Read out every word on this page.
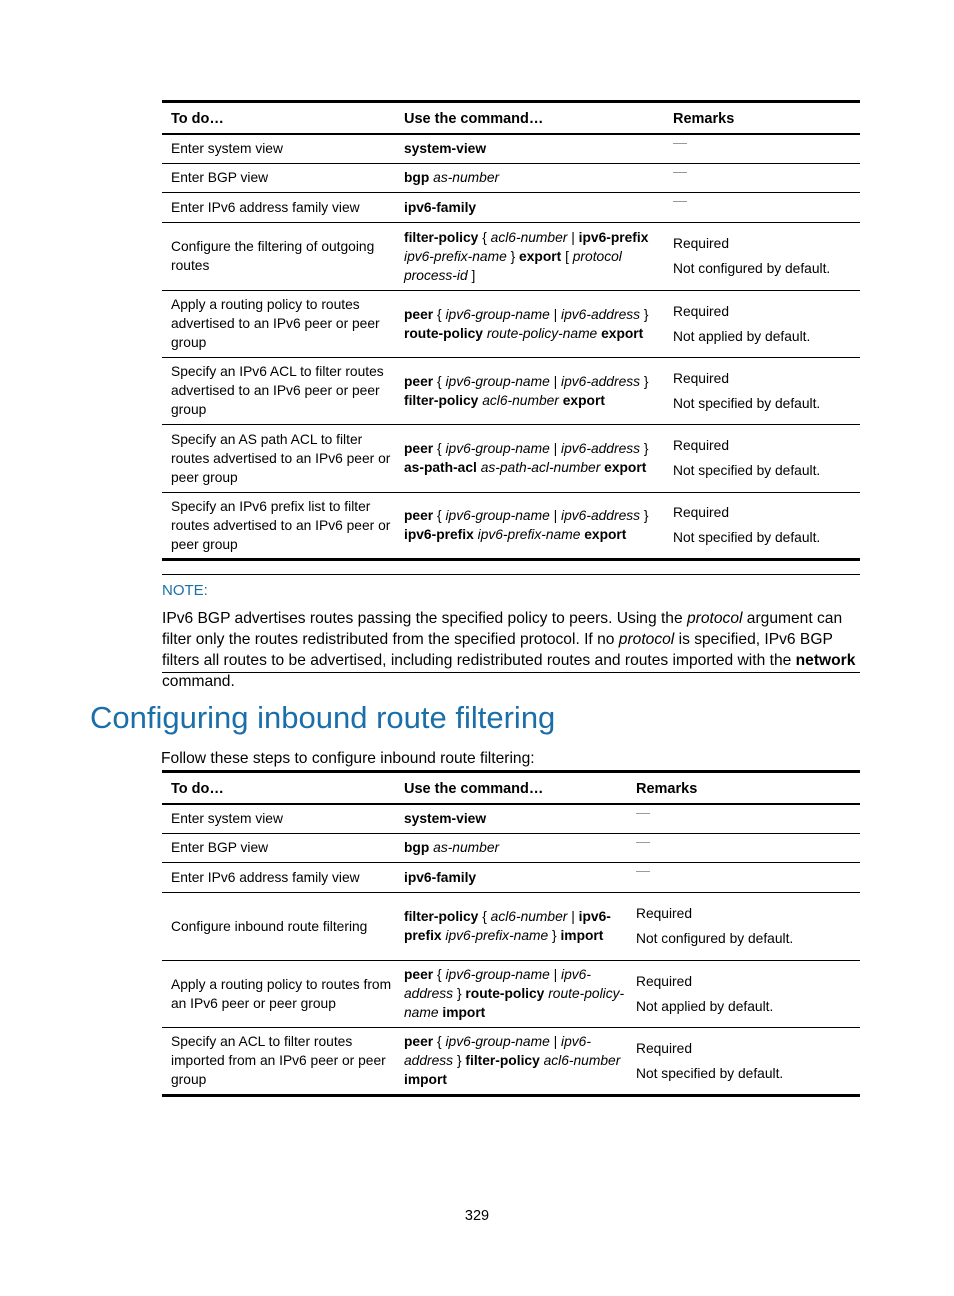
To do…	Use the command…	Remarks
Enter system view	system-view	
Enter BGP view	bgp as-number	
Enter IPv6 address family view	ipv6-family	
Configure the filtering of outgoing routes	filter-policy { acl6-number | ipv6-prefix ipv6-prefix-name } export [ protocol process-id ]	Required

Not configured by default.

Apply a routing policy to routes advertised to an IPv6 peer or peer group	peer { ipv6-group-name | ipv6-address } route-policy route-policy-name export	Required

Not applied by default.

Specify an IPv6 ACL to filter routes advertised to an IPv6 peer or peer group	peer { ipv6-group-name | ipv6-address } filter-policy acl6-number export	Required

Not specified by default.

Specify an AS path ACL to filter routes advertised to an IPv6 peer or peer group	peer { ipv6-group-name | ipv6-address } as-path-acl as-path-acl-number export	Required

Not specified by default.

Specify an IPv6 prefix list to filter routes advertised to an IPv6 peer or peer group	peer { ipv6-group-name | ipv6-address } ipv6-prefix ipv6-prefix-name export	Required

Not specified by default.

NOTE:
IPv6 BGP advertises routes passing the specified policy to peers. Using the protocol argument can filter only the routes redistributed from the specified protocol. If no protocol is specified, IPv6 BGP filters all routes to be advertised, including redistributed routes and routes imported with the network command.
Configuring inbound route filtering

Follow these steps to configure inbound route filtering:

To do…	Use the command…	Remarks
Enter system view	system-view	
Enter BGP view	bgp as-number	
Enter IPv6 address family view	ipv6-family	
Configure inbound route filtering	filter-policy { acl6-number | ipv6-prefix ipv6-prefix-name } import	Required

Not configured by default.

Apply a routing policy to routes from an IPv6 peer or peer group	peer { ipv6-group-name | ipv6-address } route-policy route-policy-name import	Required

Not applied by default.

Specify an ACL to filter routes imported from an IPv6 peer or peer group	peer { ipv6-group-name | ipv6-address } filter-policy acl6-number import	Required

Not specified by default.

329
